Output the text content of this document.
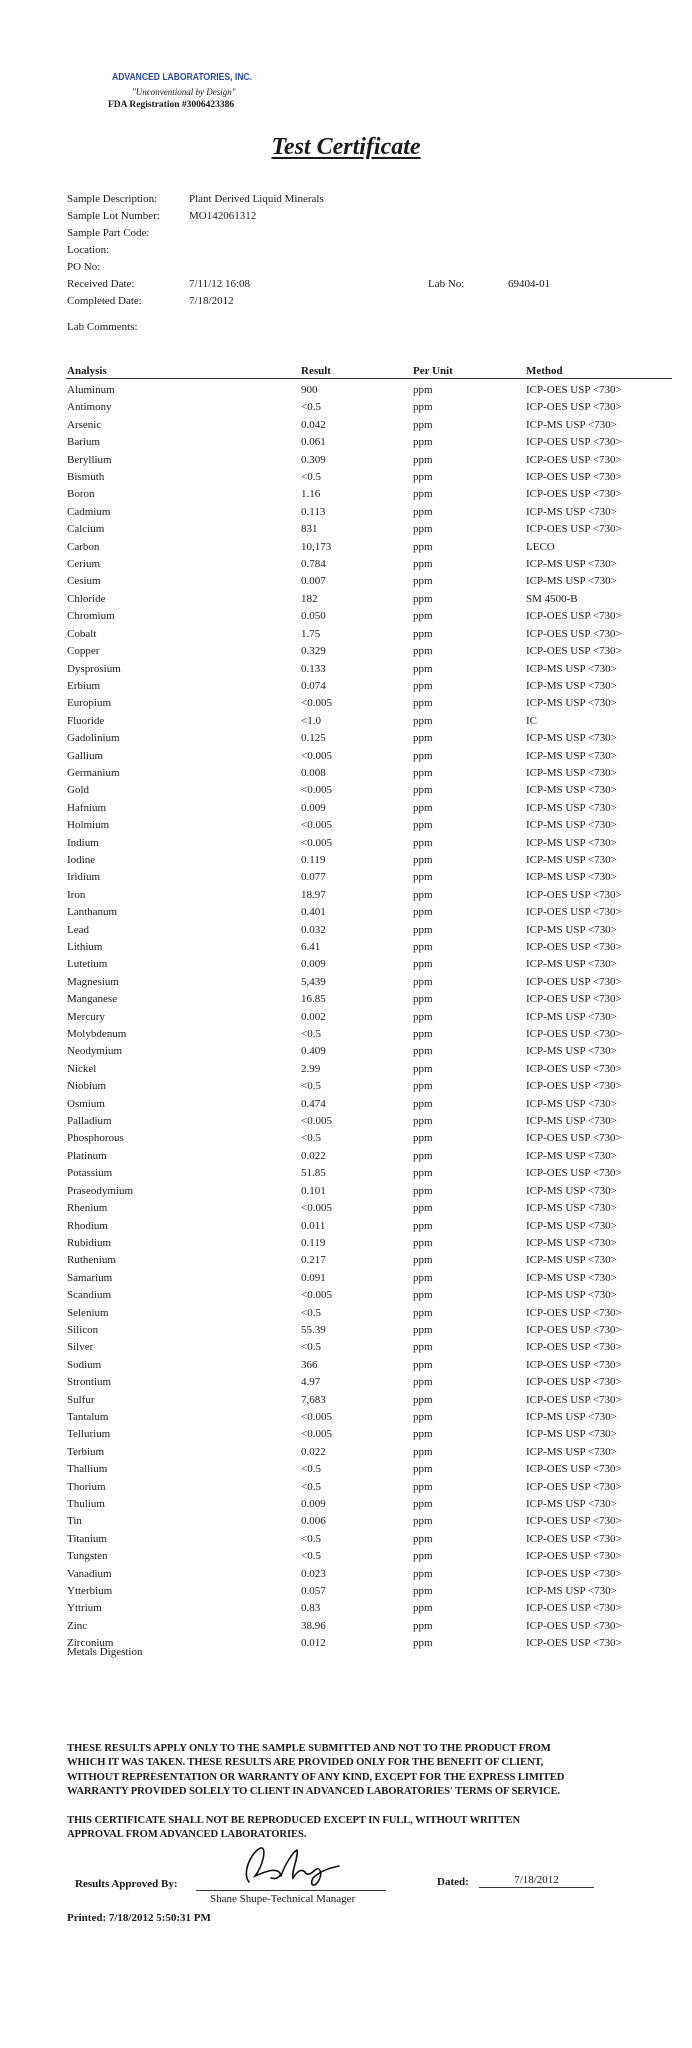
ADVANCED LABORATORIES, INC.
"Unconventional by Design"
FDA Registration #3006423386
Test Certificate
Sample Description:	Plant Derived Liquid Minerals
Sample Lot Number:	MO142061312
Sample Part Code:
Location:
PO No:
Received Date:	7/11/12 16:08	Lab No:	69404-01
Completed Date:	7/18/2012
Lab Comments:
Analysis	Result	Per Unit	Method
Aluminum	900	ppm	ICP-OES USP <730>
Antimony	<0.5	ppm	ICP-OES USP <730>
Arsenic	0.042	ppm	ICP-MS USP <730>
Barium	0.061	ppm	ICP-OES USP <730>
Beryllium	0.309	ppm	ICP-OES USP <730>
Bismuth	<0.5	ppm	ICP-OES USP <730>
Boron	1.16	ppm	ICP-OES USP <730>
Cadmium	0.113	ppm	ICP-MS USP <730>
Calcium	831	ppm	ICP-OES USP <730>
Carbon	10,173	ppm	LECO
Cerium	0.784	ppm	ICP-MS USP <730>
Cesium	0.007	ppm	ICP-MS USP <730>
Chloride	182	ppm	SM 4500-B
Chromium	0.050	ppm	ICP-OES USP <730>
Cobalt	1.75	ppm	ICP-OES USP <730>
Copper	0.329	ppm	ICP-OES USP <730>
Dysprosium	0.133	ppm	ICP-MS USP <730>
Erbium	0.074	ppm	ICP-MS USP <730>
Europium	<0.005	ppm	ICP-MS USP <730>
Fluoride	<1.0	ppm	IC
Gadolinium	0.125	ppm	ICP-MS USP <730>
Gallium	<0.005	ppm	ICP-MS USP <730>
Germanium	0.008	ppm	ICP-MS USP <730>
Gold	<0.005	ppm	ICP-MS USP <730>
Hafnium	0.009	ppm	ICP-MS USP <730>
Holmium	<0.005	ppm	ICP-MS USP <730>
Indium	<0.005	ppm	ICP-MS USP <730>
Iodine	0.119	ppm	ICP-MS USP <730>
Iridium	0.077	ppm	ICP-MS USP <730>
Iron	18.97	ppm	ICP-OES USP <730>
Lanthanum	0.401	ppm	ICP-OES USP <730>
Lead	0.032	ppm	ICP-MS USP <730>
Lithium	6.41	ppm	ICP-OES USP <730>
Lutetium	0.009	ppm	ICP-MS USP <730>
Magnesium	5,439	ppm	ICP-OES USP <730>
Manganese	16.85	ppm	ICP-OES USP <730>
Mercury	0.002	ppm	ICP-MS USP <730>
Molybdenum	<0.5	ppm	ICP-OES USP <730>
Neodymium	0.409	ppm	ICP-MS USP <730>
Nickel	2.99	ppm	ICP-OES USP <730>
Niobium	<0.5	ppm	ICP-OES USP <730>
Osmium	0.474	ppm	ICP-MS USP <730>
Palladium	<0.005	ppm	ICP-MS USP <730>
Phosphorous	<0.5	ppm	ICP-OES USP <730>
Platinum	0.022	ppm	ICP-MS USP <730>
Potassium	51.85	ppm	ICP-OES USP <730>
Praseodymium	0.101	ppm	ICP-MS USP <730>
Rhenium	<0.005	ppm	ICP-MS USP <730>
Rhodium	0.011	ppm	ICP-MS USP <730>
Rubidium	0.119	ppm	ICP-MS USP <730>
Ruthenium	0.217	ppm	ICP-MS USP <730>
Samarium	0.091	ppm	ICP-MS USP <730>
Scandium	<0.005	ppm	ICP-MS USP <730>
Selenium	<0.5	ppm	ICP-OES USP <730>
Silicon	55.39	ppm	ICP-OES USP <730>
Silver	<0.5	ppm	ICP-OES USP <730>
Sodium	366	ppm	ICP-OES USP <730>
Strontium	4.97	ppm	ICP-OES USP <730>
Sulfur	7,683	ppm	ICP-OES USP <730>
Tantalum	<0.005	ppm	ICP-MS USP <730>
Tellurium	<0.005	ppm	ICP-MS USP <730>
Terbium	0.022	ppm	ICP-MS USP <730>
Thallium	<0.5	ppm	ICP-OES USP <730>
Thorium	<0.5	ppm	ICP-OES USP <730>
Thulium	0.009	ppm	ICP-MS USP <730>
Tin	0.006	ppm	ICP-OES USP <730>
Titanium	<0.5	ppm	ICP-OES USP <730>
Tungsten	<0.5	ppm	ICP-OES USP <730>
Vanadium	0.023	ppm	ICP-OES USP <730>
Ytterbium	0.057	ppm	ICP-MS USP <730>
Yttrium	0.83	ppm	ICP-OES USP <730>
Zinc	38.96	ppm	ICP-OES USP <730>
Zirconium	0.012	ppm	ICP-OES USP <730>
Metals Digestion
THESE RESULTS APPLY ONLY TO THE SAMPLE SUBMITTED AND NOT TO THE PRODUCT FROM
WHICH IT WAS TAKEN. THESE RESULTS ARE PROVIDED ONLY FOR THE BENEFIT OF CLIENT,
WITHOUT REPRESENTATION OR WARRANTY OF ANY KIND, EXCEPT FOR THE EXPRESS LIMITED
WARRANTY PROVIDED SOLELY TO CLIENT IN ADVANCED LABORATORIES' TERMS OF SERVICE.
THIS CERTIFICATE SHALL NOT BE REPRODUCED EXCEPT IN FULL, WITHOUT WRITTEN
APPROVAL FROM ADVANCED LABORATORIES.
Results Approved By:
Shane Shupe-Technical Manager
Dated:	7/18/2012
Printed: 7/18/2012 5:50:31 PM
